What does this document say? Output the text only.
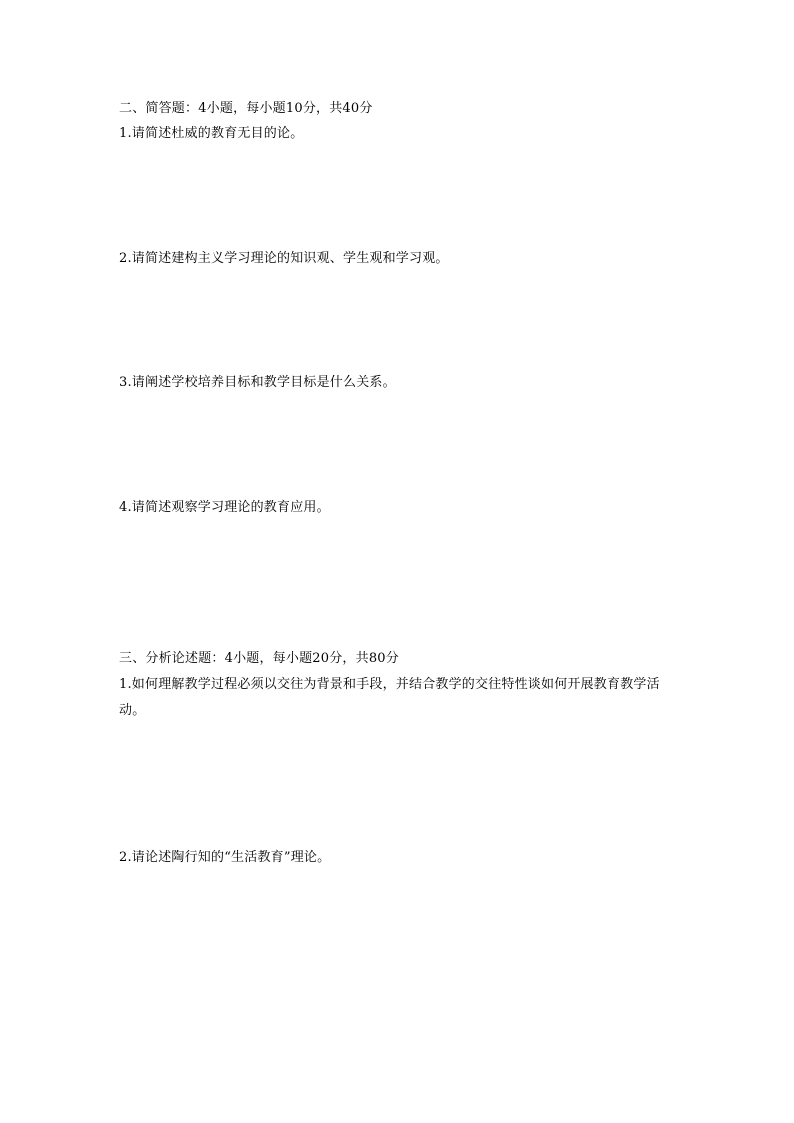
二、简答题：4小题，每小题10分，共40分
1.请简述杜威的教育无目的论。
2.请简述建构主义学习理论的知识观、学生观和学习观。
3.请阐述学校培养目标和教学目标是什么关系。
4.请简述观察学习理论的教育应用。
三、分析论述题：4小题，每小题20分，共80分
1.如何理解教学过程必须以交往为背景和手段，并结合教学的交往特性谈如何开展教育教学活动。
2.请论述陶行知的“生活教育”理论。
